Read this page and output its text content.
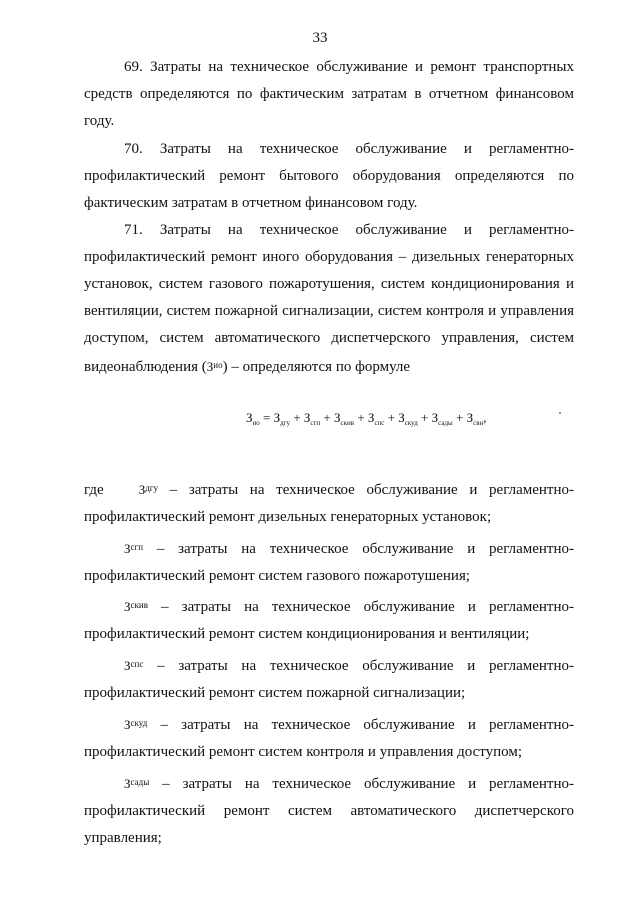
33
69. Затраты на техническое обслуживание и ремонт транспортных средств определяются по фактическим затратам в отчетном финансовом году.
70. Затраты на техническое обслуживание и регламентно-профилактический ремонт бытового оборудования определяются по фактическим затратам в отчетном финансовом году.
71. Затраты на техническое обслуживание и регламентно-профилактический ремонт иного оборудования – дизельных генераторных установок, систем газового пожаротушения, систем кондиционирования и вентиляции, систем пожарной сигнализации, систем контроля и управления доступом, систем автоматического диспетчерского управления, систем видеонаблюдения $(З^{ио})$ – определяются по формуле
$З_{ио} = З_{дгу} + З_{сгп} + З_{скив} + З_{спс} + З_{скуд} + З_{сады} + З_{свн}$,
где	$З^{дгу}$ – затраты на техническое обслуживание и регламентно-профилактический ремонт дизельных генераторных установок;
$З^{сгп}$ – затраты на техническое обслуживание и регламентно-профилактический ремонт систем газового пожаротушения;
$З^{скив}$ – затраты на техническое обслуживание и регламентно-профилактический ремонт систем кондиционирования и вентиляции;
$З^{спс}$ – затраты на техническое обслуживание и регламентно-профилактический ремонт систем пожарной сигнализации;
$З^{скуд}$ – затраты на техническое обслуживание и регламентно-профилактический ремонт систем контроля и управления доступом;
$З^{сады}$ – затраты на техническое обслуживание и регламентно-профилактический ремонт систем автоматического диспетчерского управления;
